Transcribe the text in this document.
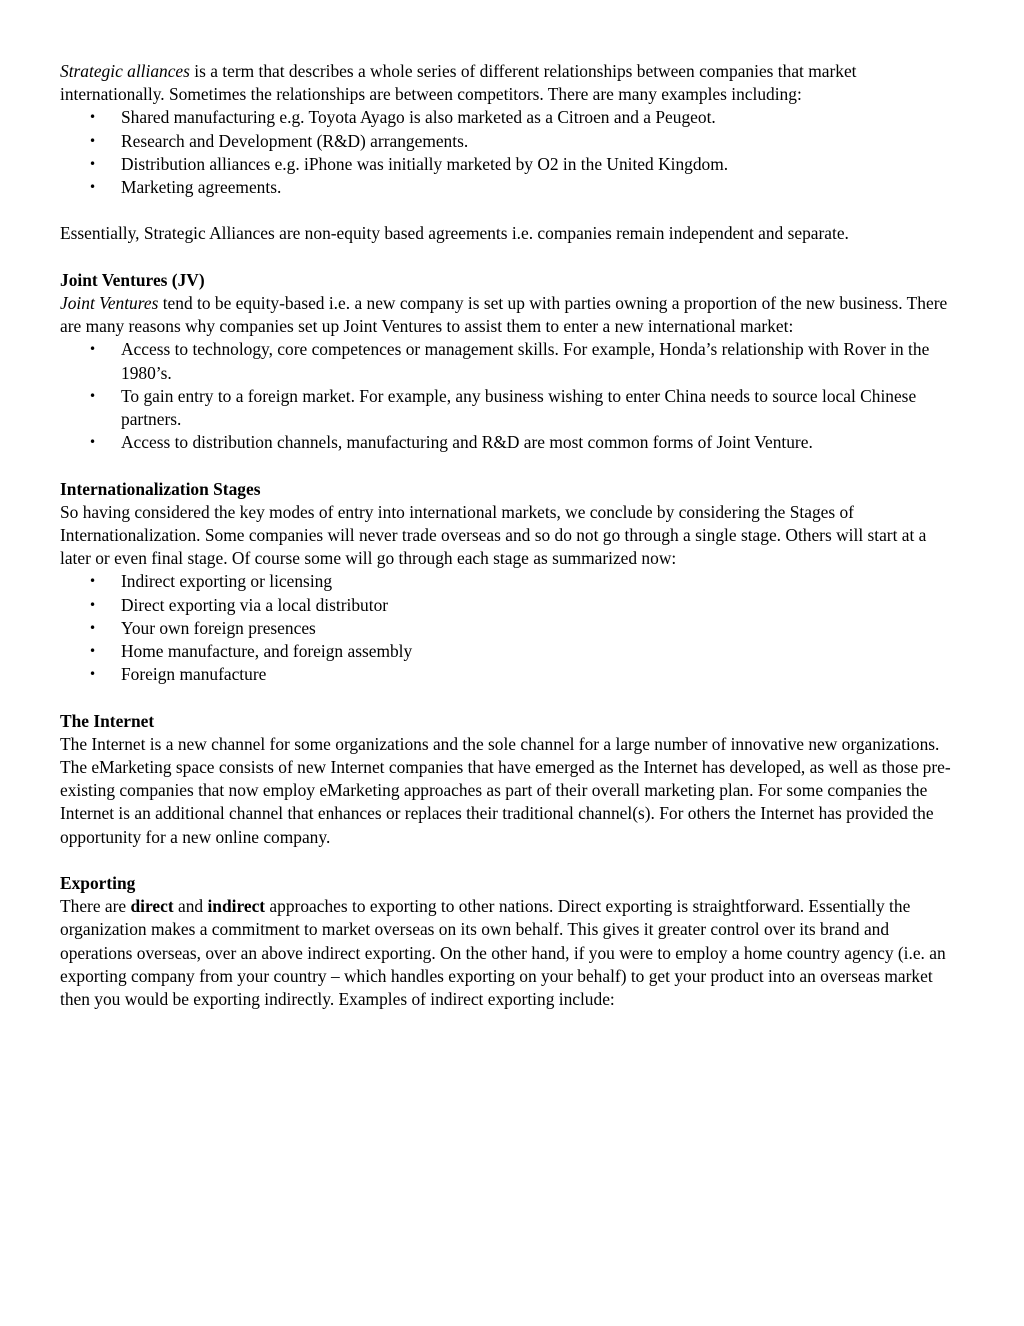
Strategic alliances is a term that describes a whole series of different relationships between companies that market internationally. Sometimes the relationships are between competitors. There are many examples including:

• Shared manufacturing e.g. Toyota Ayago is also marketed as a Citroen and a Peugeot.
• Research and Development (R&D) arrangements.
• Distribution alliances e.g. iPhone was initially marketed by O2 in the United Kingdom.
• Marketing agreements.

Essentially, Strategic Alliances are non-equity based agreements i.e. companies remain independent and separate.

Joint Ventures (JV)

Joint Ventures tend to be equity-based i.e. a new company is set up with parties owning a proportion of the new business. There are many reasons why companies set up Joint Ventures to assist them to enter a new international market:

• Access to technology, core competences or management skills. For example, Honda’s relationship with Rover in the 1980’s.
• To gain entry to a foreign market. For example, any business wishing to enter China needs to source local Chinese partners.
• Access to distribution channels, manufacturing and R&D are most common forms of Joint Venture.
Internationalization Stages

So having considered the key modes of entry into international markets, we conclude by considering the Stages of Internationalization. Some companies will never trade overseas and so do not go through a single stage. Others will start at a later or even final stage. Of course some will go through each stage as summarized now:

• Indirect exporting or licensing
• Direct exporting via a local distributor
• Your own foreign presences
• Home manufacture, and foreign assembly
• Foreign manufacture
The Internet

The Internet is a new channel for some organizations and the sole channel for a large number of innovative new organizations. The eMarketing space consists of new Internet companies that have emerged as the Internet has developed, as well as those pre-existing companies that now employ eMarketing approaches as part of their overall marketing plan. For some companies the Internet is an additional channel that enhances or replaces their traditional channel(s). For others the Internet has provided the opportunity for a new online company.

Exporting

There are direct and indirect approaches to exporting to other nations. Direct exporting is straightforward. Essentially the organization makes a commitment to market overseas on its own behalf. This gives it greater control over its brand and operations overseas, over an above indirect exporting. On the other hand, if you were to employ a home country agency (i.e. an exporting company from your country – which handles exporting on your behalf) to get your product into an overseas market then you would be exporting indirectly. Examples of indirect exporting include:
